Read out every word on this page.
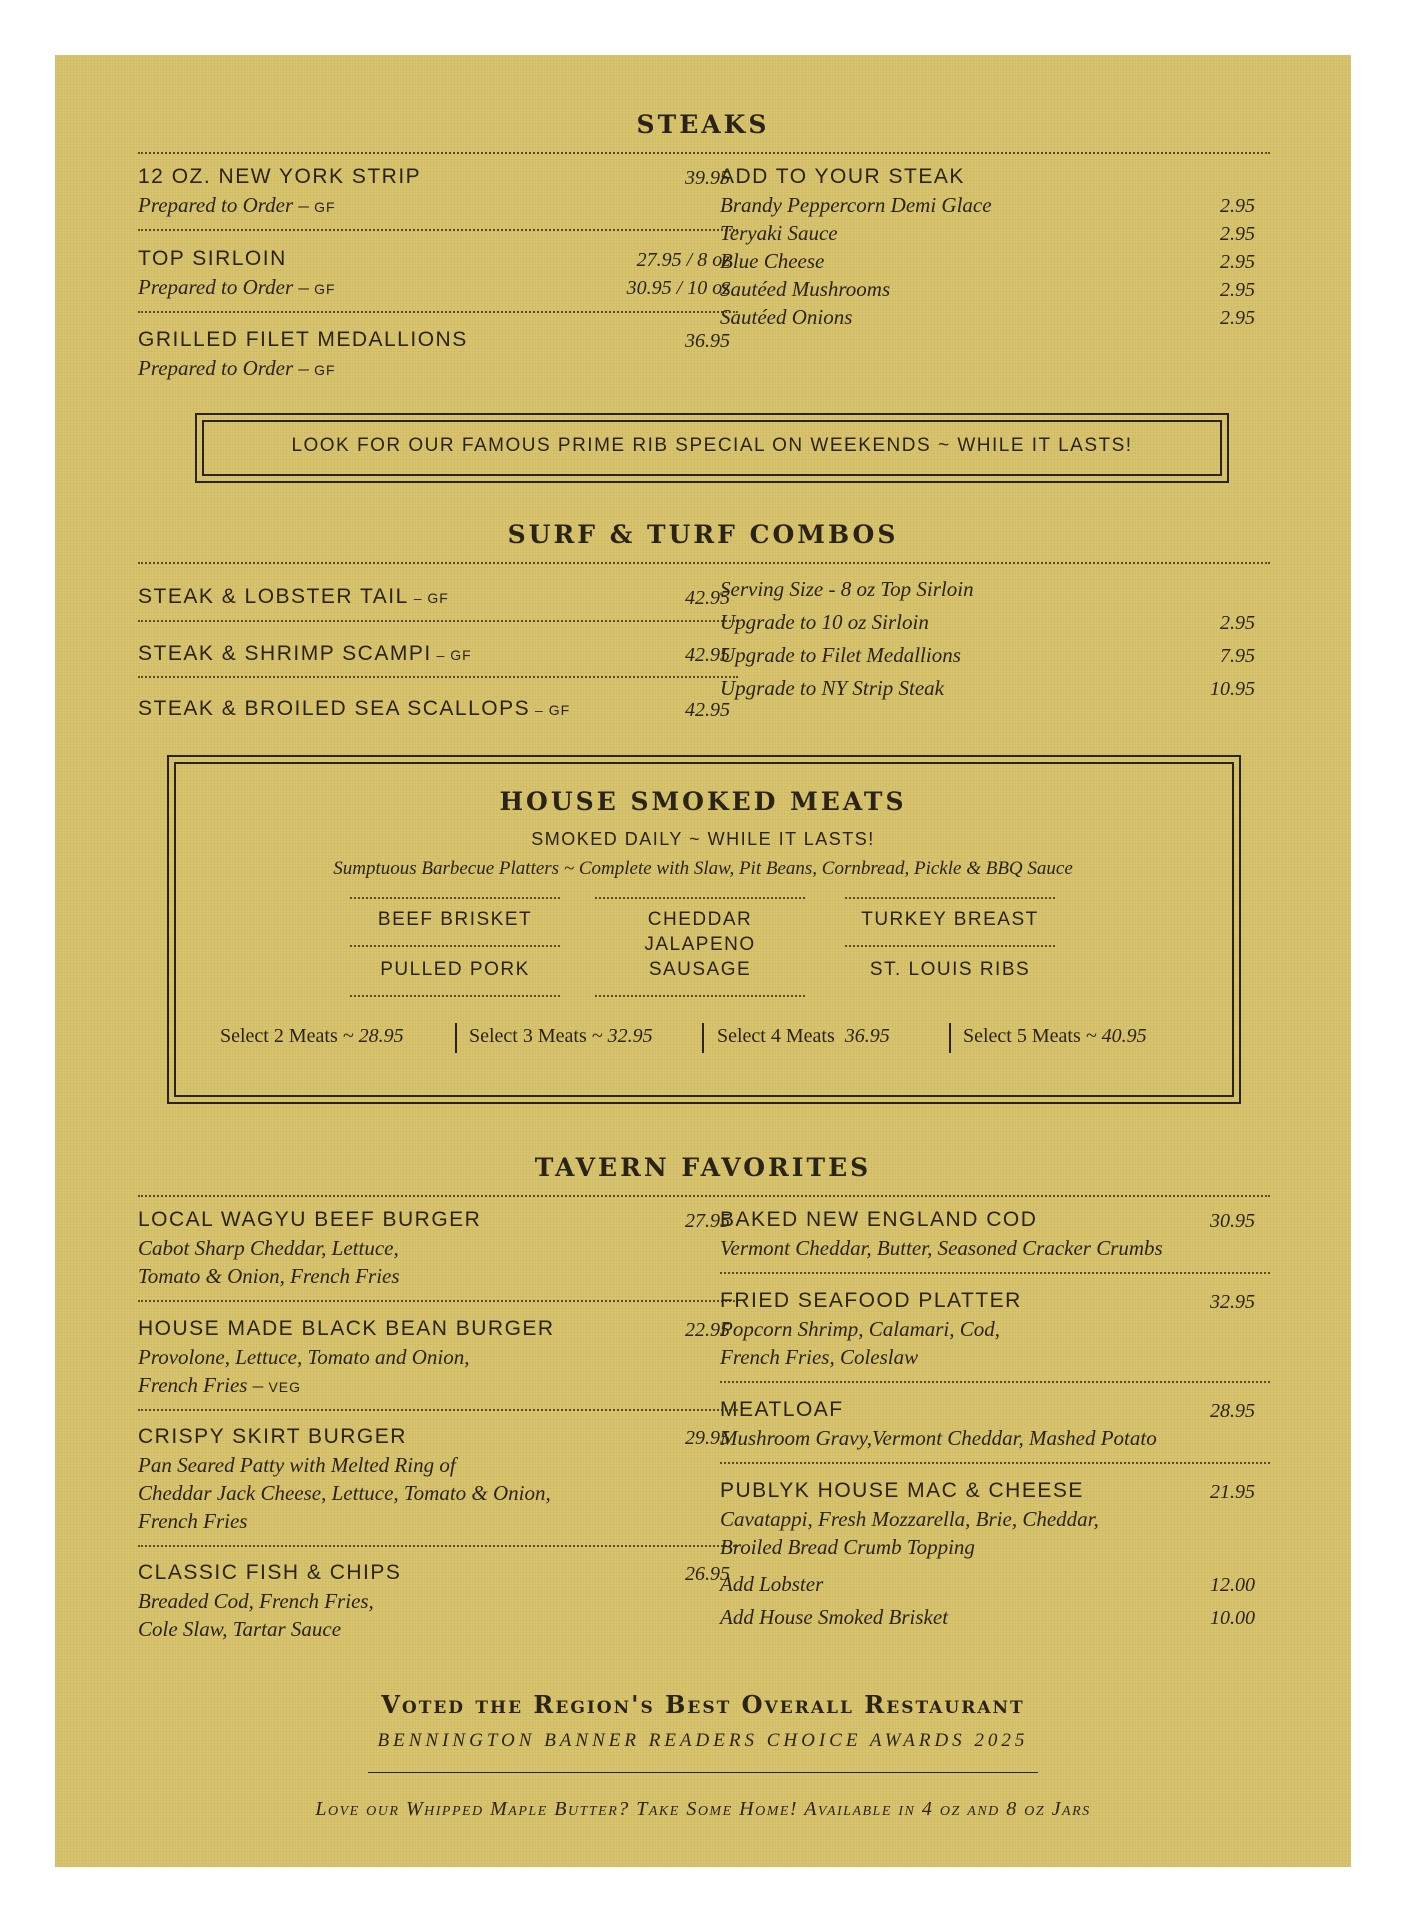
STEAKS
12 OZ. NEW YORK STRIP	39.95
Prepared to Order – GF
TOP SIRLOIN	27.95 / 8 oz
Prepared to Order – GF	30.95 / 10 oz
GRILLED FILET MEDALLIONS	36.95
Prepared to Order – GF
ADD TO YOUR STEAK
Brandy Peppercorn Demi Glace	2.95
Teryaki Sauce	2.95
Blue Cheese	2.95
Sautéed Mushrooms	2.95
Sautéed Onions	2.95
LOOK FOR OUR FAMOUS PRIME RIB SPECIAL ON WEEKENDS ~ WHILE IT LASTS!
SURF & TURF COMBOS
STEAK & LOBSTER TAIL – GF	42.95
STEAK & SHRIMP SCAMPI – GF	42.95
STEAK & BROILED SEA SCALLOPS – GF	42.95
Serving Size - 8 oz Top Sirloin
Upgrade to 10 oz Sirloin	2.95
Upgrade to Filet Medallions	7.95
Upgrade to NY Strip Steak	10.95
HOUSE SMOKED MEATS
SMOKED DAILY ~ WHILE IT LASTS!
Sumptuous Barbecue Platters ~ Complete with Slaw, Pit Beans, Cornbread, Pickle & BBQ Sauce
BEEF BRISKET
PULLED PORK
CHEDDAR JALAPENO SAUSAGE
TURKEY BREAST
ST. LOUIS RIBS
Select 2 Meats ~ 28.95	Select 3 Meats ~ 32.95	Select 4 Meats 36.95	Select 5 Meats ~ 40.95
TAVERN FAVORITES
LOCAL WAGYU BEEF BURGER	27.95
Cabot Sharp Cheddar, Lettuce,
Tomato & Onion, French Fries
HOUSE MADE BLACK BEAN BURGER	22.95
Provolone, Lettuce, Tomato and Onion,
French Fries – VEG
CRISPY SKIRT BURGER	29.95
Pan Seared Patty with Melted Ring of
Cheddar Jack Cheese, Lettuce, Tomato & Onion,
French Fries
CLASSIC FISH & CHIPS	26.95
Breaded Cod, French Fries,
Cole Slaw, Tartar Sauce
BAKED NEW ENGLAND COD	30.95
Vermont Cheddar, Butter, Seasoned Cracker Crumbs
FRIED SEAFOOD PLATTER	32.95
Popcorn Shrimp, Calamari, Cod,
French Fries, Coleslaw
MEATLOAF	28.95
Mushroom Gravy,Vermont Cheddar, Mashed Potato
PUBLYK HOUSE MAC & CHEESE	21.95
Cavatappi, Fresh Mozzarella, Brie, Cheddar,
Broiled Bread Crumb Topping
Add Lobster	12.00
Add House Smoked Brisket	10.00
Voted the Region's Best Overall Restaurant
BENNINGTON BANNER READERS CHOICE AWARDS 2025
Love our Whipped Maple Butter? Take Some Home! Available in 4 oz and 8 oz Jars
